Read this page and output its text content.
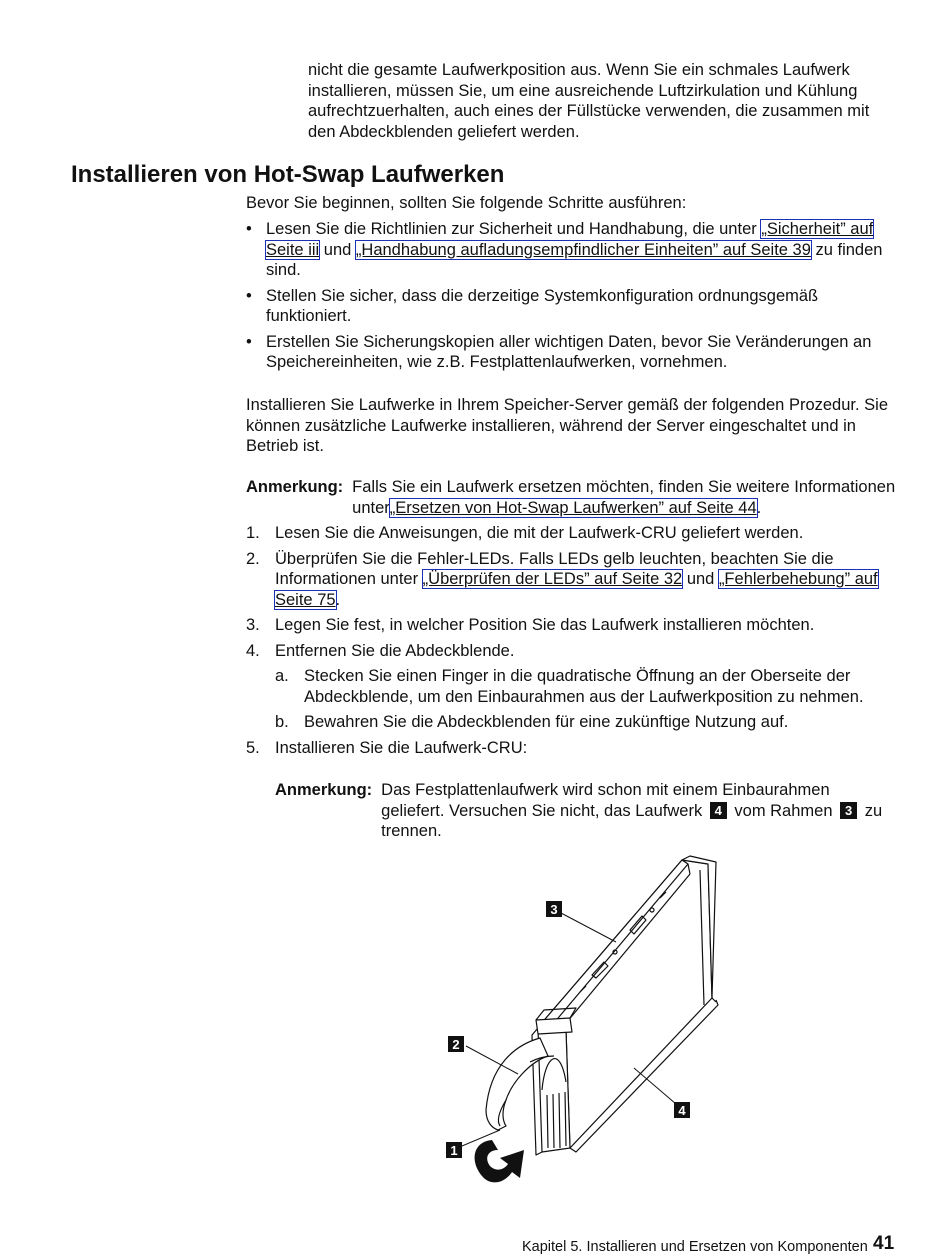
nicht die gesamte Laufwerkposition aus. Wenn Sie ein schmales Laufwerk installieren, müssen Sie, um eine ausreichende Luftzirkulation und Kühlung aufrechtzuerhalten, auch eines der Füllstücke verwenden, die zusammen mit den Abdeckblenden geliefert werden.

Installieren von Hot-Swap Laufwerken

Bevor Sie beginnen, sollten Sie folgende Schritte ausführen:

• Lesen Sie die Richtlinien zur Sicherheit und Handhabung, die unter „Sicherheit” auf Seite iii und „Handhabung aufladungsempfindlicher Einheiten” auf Seite 39 zu finden sind.
• Stellen Sie sicher, dass die derzeitige Systemkonfiguration ordnungsgemäß funktioniert.
• Erstellen Sie Sicherungskopien aller wichtigen Daten, bevor Sie Veränderungen an Speichereinheiten, wie z.B. Festplattenlaufwerken, vornehmen.

Installieren Sie Laufwerke in Ihrem Speicher-Server gemäß der folgenden Prozedur. Sie können zusätzliche Laufwerke installieren, während der Server eingeschaltet und in Betrieb ist.

Anmerkung: Falls Sie ein Laufwerk ersetzen möchten, finden Sie weitere Informationen unter„Ersetzen von Hot-Swap Laufwerken” auf Seite 44.
1. Lesen Sie die Anweisungen, die mit der Laufwerk-CRU geliefert werden.
2. Überprüfen Sie die Fehler-LEDs. Falls LEDs gelb leuchten, beachten Sie die Informationen unter „Überprüfen der LEDs” auf Seite 32 und „Fehlerbehebung” auf Seite 75.
3. Legen Sie fest, in welcher Position Sie das Laufwerk installieren möchten.
4. Entfernen Sie die Abdeckblende.
a. Stecken Sie einen Finger in die quadratische Öffnung an der Oberseite der Abdeckblende, um den Einbaurahmen aus der Laufwerkposition zu nehmen.
b. Bewahren Sie die Abdeckblenden für eine zukünftige Nutzung auf.
5. Installieren Sie die Laufwerk-CRU:
Anmerkung: Das Festplattenlaufwerk wird schon mit einem Einbaurahmen geliefert. Versuchen Sie nicht, das Laufwerk 4 vom Rahmen 3 zu trennen.
3
2
4
1
Kapitel 5. Installieren und Ersetzen von Komponenten 41
